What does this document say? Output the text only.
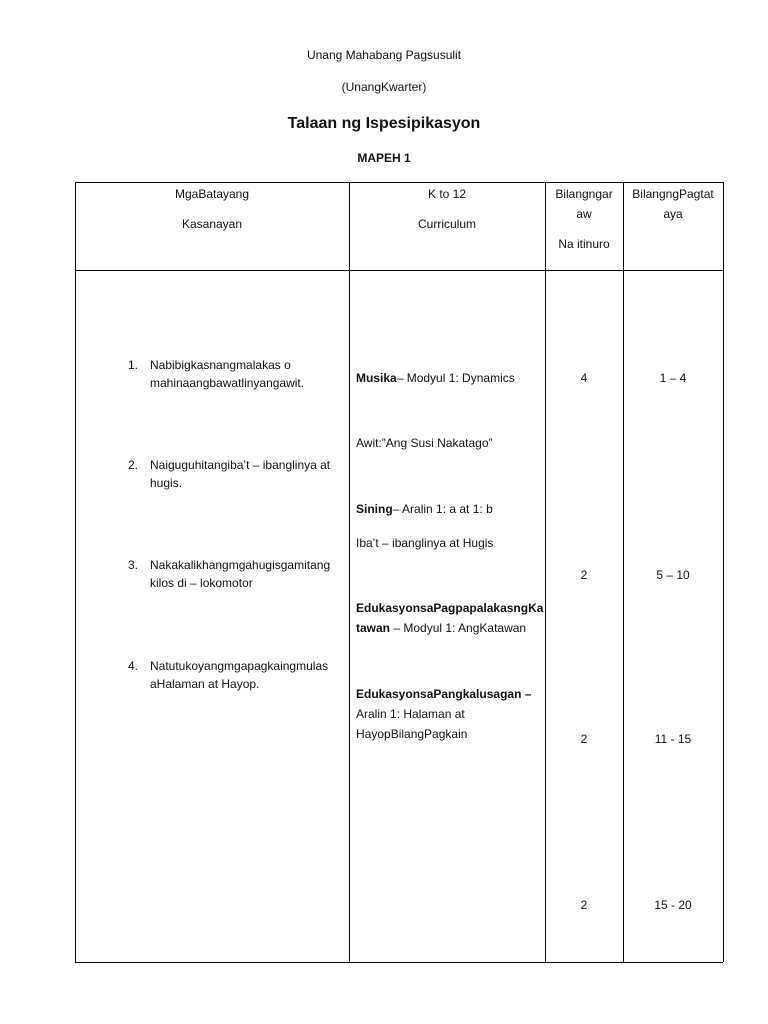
Unang Mahabang Pagsusulit
(UnangKwarter)
Talaan ng Ispesipikasyon
MAPEH 1
MgaBatayang
Kasanayan
K to 12
Curriculum
Bilangngar
aw
Na itinuro
BilangngPagtat
aya
1. Nabibigkasnangmalakas o
mahinaangbawatlinyangawit.
2. Naiguguhitangiba’t – ibanglinya at
hugis.
3. Nakakalikhangmgahugisgamitang
kilos di – lokomotor
4. Natutukoyangmgapagkaingmulas
aHalaman at Hayop.
Musika– Modyul 1: Dynamics
Awit:”Ang Susi Nakatago”
Sining– Aralin 1: a at 1: b
Iba’t – ibanglinya at Hugis
EdukasyonsaPagpapalakasngKa
tawan – Modyul 1: AngKatawan
EdukasyonsaPangkalusagan –
Aralin 1: Halaman at
HayopBilangPagkain
4
2
2
2
1 – 4
5 – 10
11 - 15
15 - 20
